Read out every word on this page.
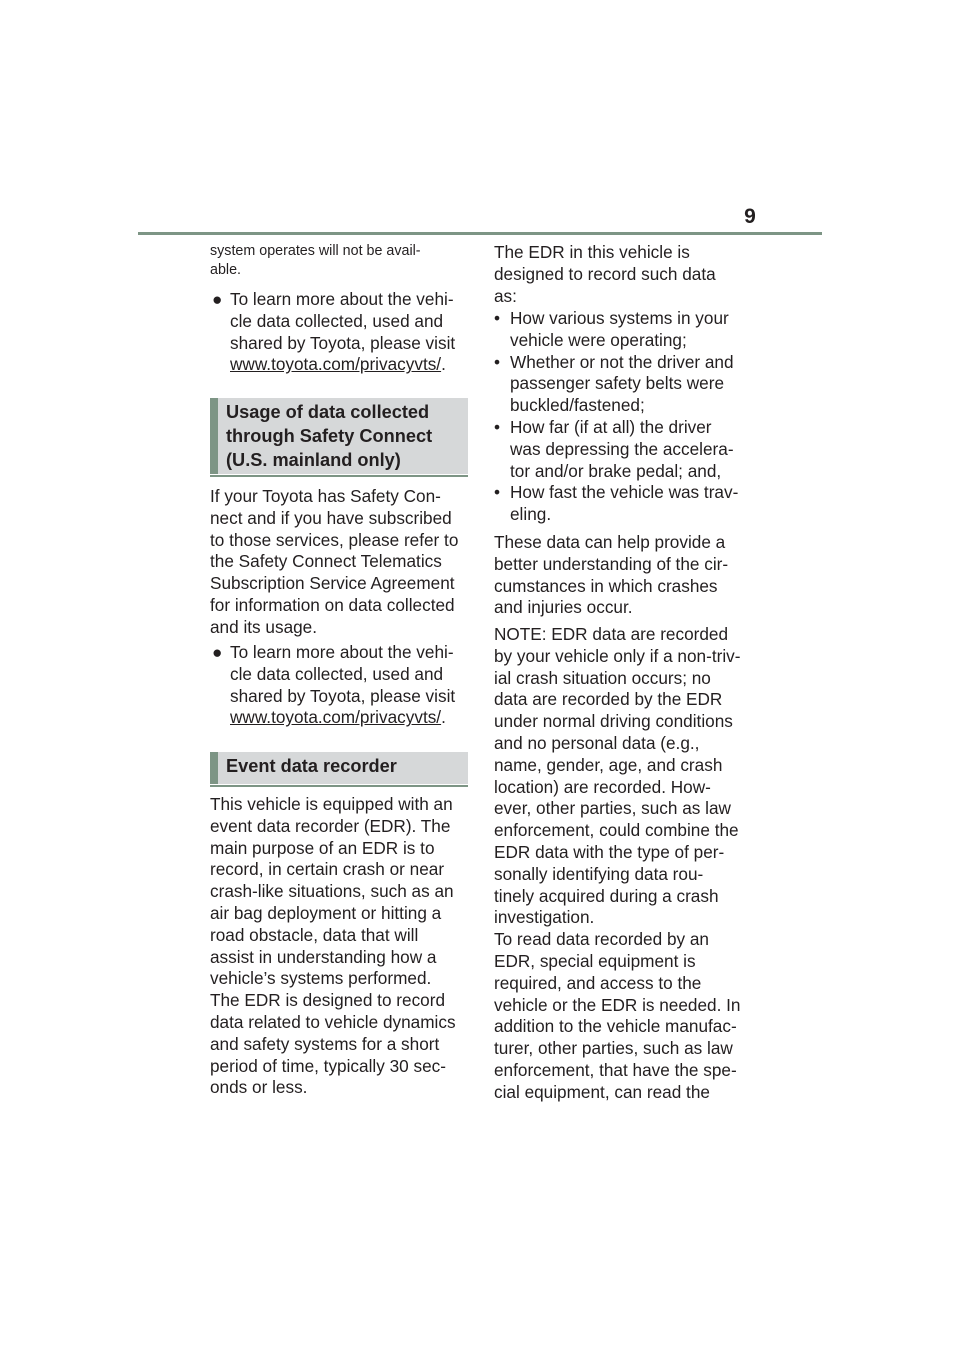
9
system operates will not be avail-
able.
● To learn more about the vehi-
cle data collected, used and
shared by Toyota, please visit
www.toyota.com/privacyvts/.
Usage of data collected
through Safety Connect
(U.S. mainland only)

If your Toyota has Safety Con-
nect and if you have subscribed
to those services, please refer to
the Safety Connect Telematics
Subscription Service Agreement
for information on data collected
and its usage.

● To learn more about the vehi-
cle data collected, used and
shared by Toyota, please visit
www.toyota.com/privacyvts/.
Event data recorder

This vehicle is equipped with an
event data recorder (EDR). The
main purpose of an EDR is to
record, in certain crash or near
crash-like situations, such as an
air bag deployment or hitting a
road obstacle, data that will
assist in understanding how a
vehicle’s systems performed.
The EDR is designed to record
data related to vehicle dynamics
and safety systems for a short
period of time, typically 30 sec-
onds or less.

The EDR in this vehicle is
designed to record such data
as:

• How various systems in your
vehicle were operating;
• Whether or not the driver and
passenger safety belts were
buckled/fastened;
• How far (if at all) the driver
was depressing the accelera-
tor and/or brake pedal; and,
• How fast the vehicle was trav-
eling.

These data can help provide a
better understanding of the cir-
cumstances in which crashes
and injuries occur.

NOTE: EDR data are recorded
by your vehicle only if a non-triv-
ial crash situation occurs; no
data are recorded by the EDR
under normal driving conditions
and no personal data (e.g.,
name, gender, age, and crash
location) are recorded. How-
ever, other parties, such as law
enforcement, could combine the
EDR data with the type of per-
sonally identifying data rou-
tinely acquired during a crash
investigation.
To read data recorded by an
EDR, special equipment is
required, and access to the
vehicle or the EDR is needed. In
addition to the vehicle manufac-
turer, other parties, such as law
enforcement, that have the spe-
cial equipment, can read the
